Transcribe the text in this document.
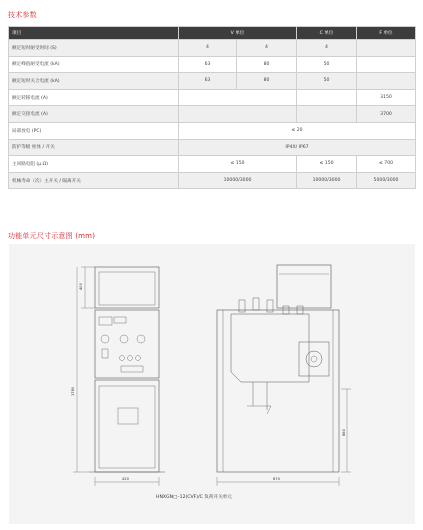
技术参数
项目	V 单位		C 单位	F 单位
额定短时耐受时间 (S)	4	4	4	
额定峰值耐受电流 (kA)	63	80	50	
额定短时关合电流 (kA)	63	80	50	
额定转移电流 (A)				3150
额定交接电流 (A)				3700
局部放电 (PC)	≤ 20			
防护等级 柜体 / 开关	IP4X/ IP67			
主回路电阻 (μ Ω)	≤ 150		≤ 150	≤ 700
机械寿命（次）主开关 / 隔离开关	10000/3000		10000/3000	5000/3000
功能单元尺寸示意图 (mm)
400
1780
420	870
880
HNXGN□–12(CVF)/C 负荷开关单元
